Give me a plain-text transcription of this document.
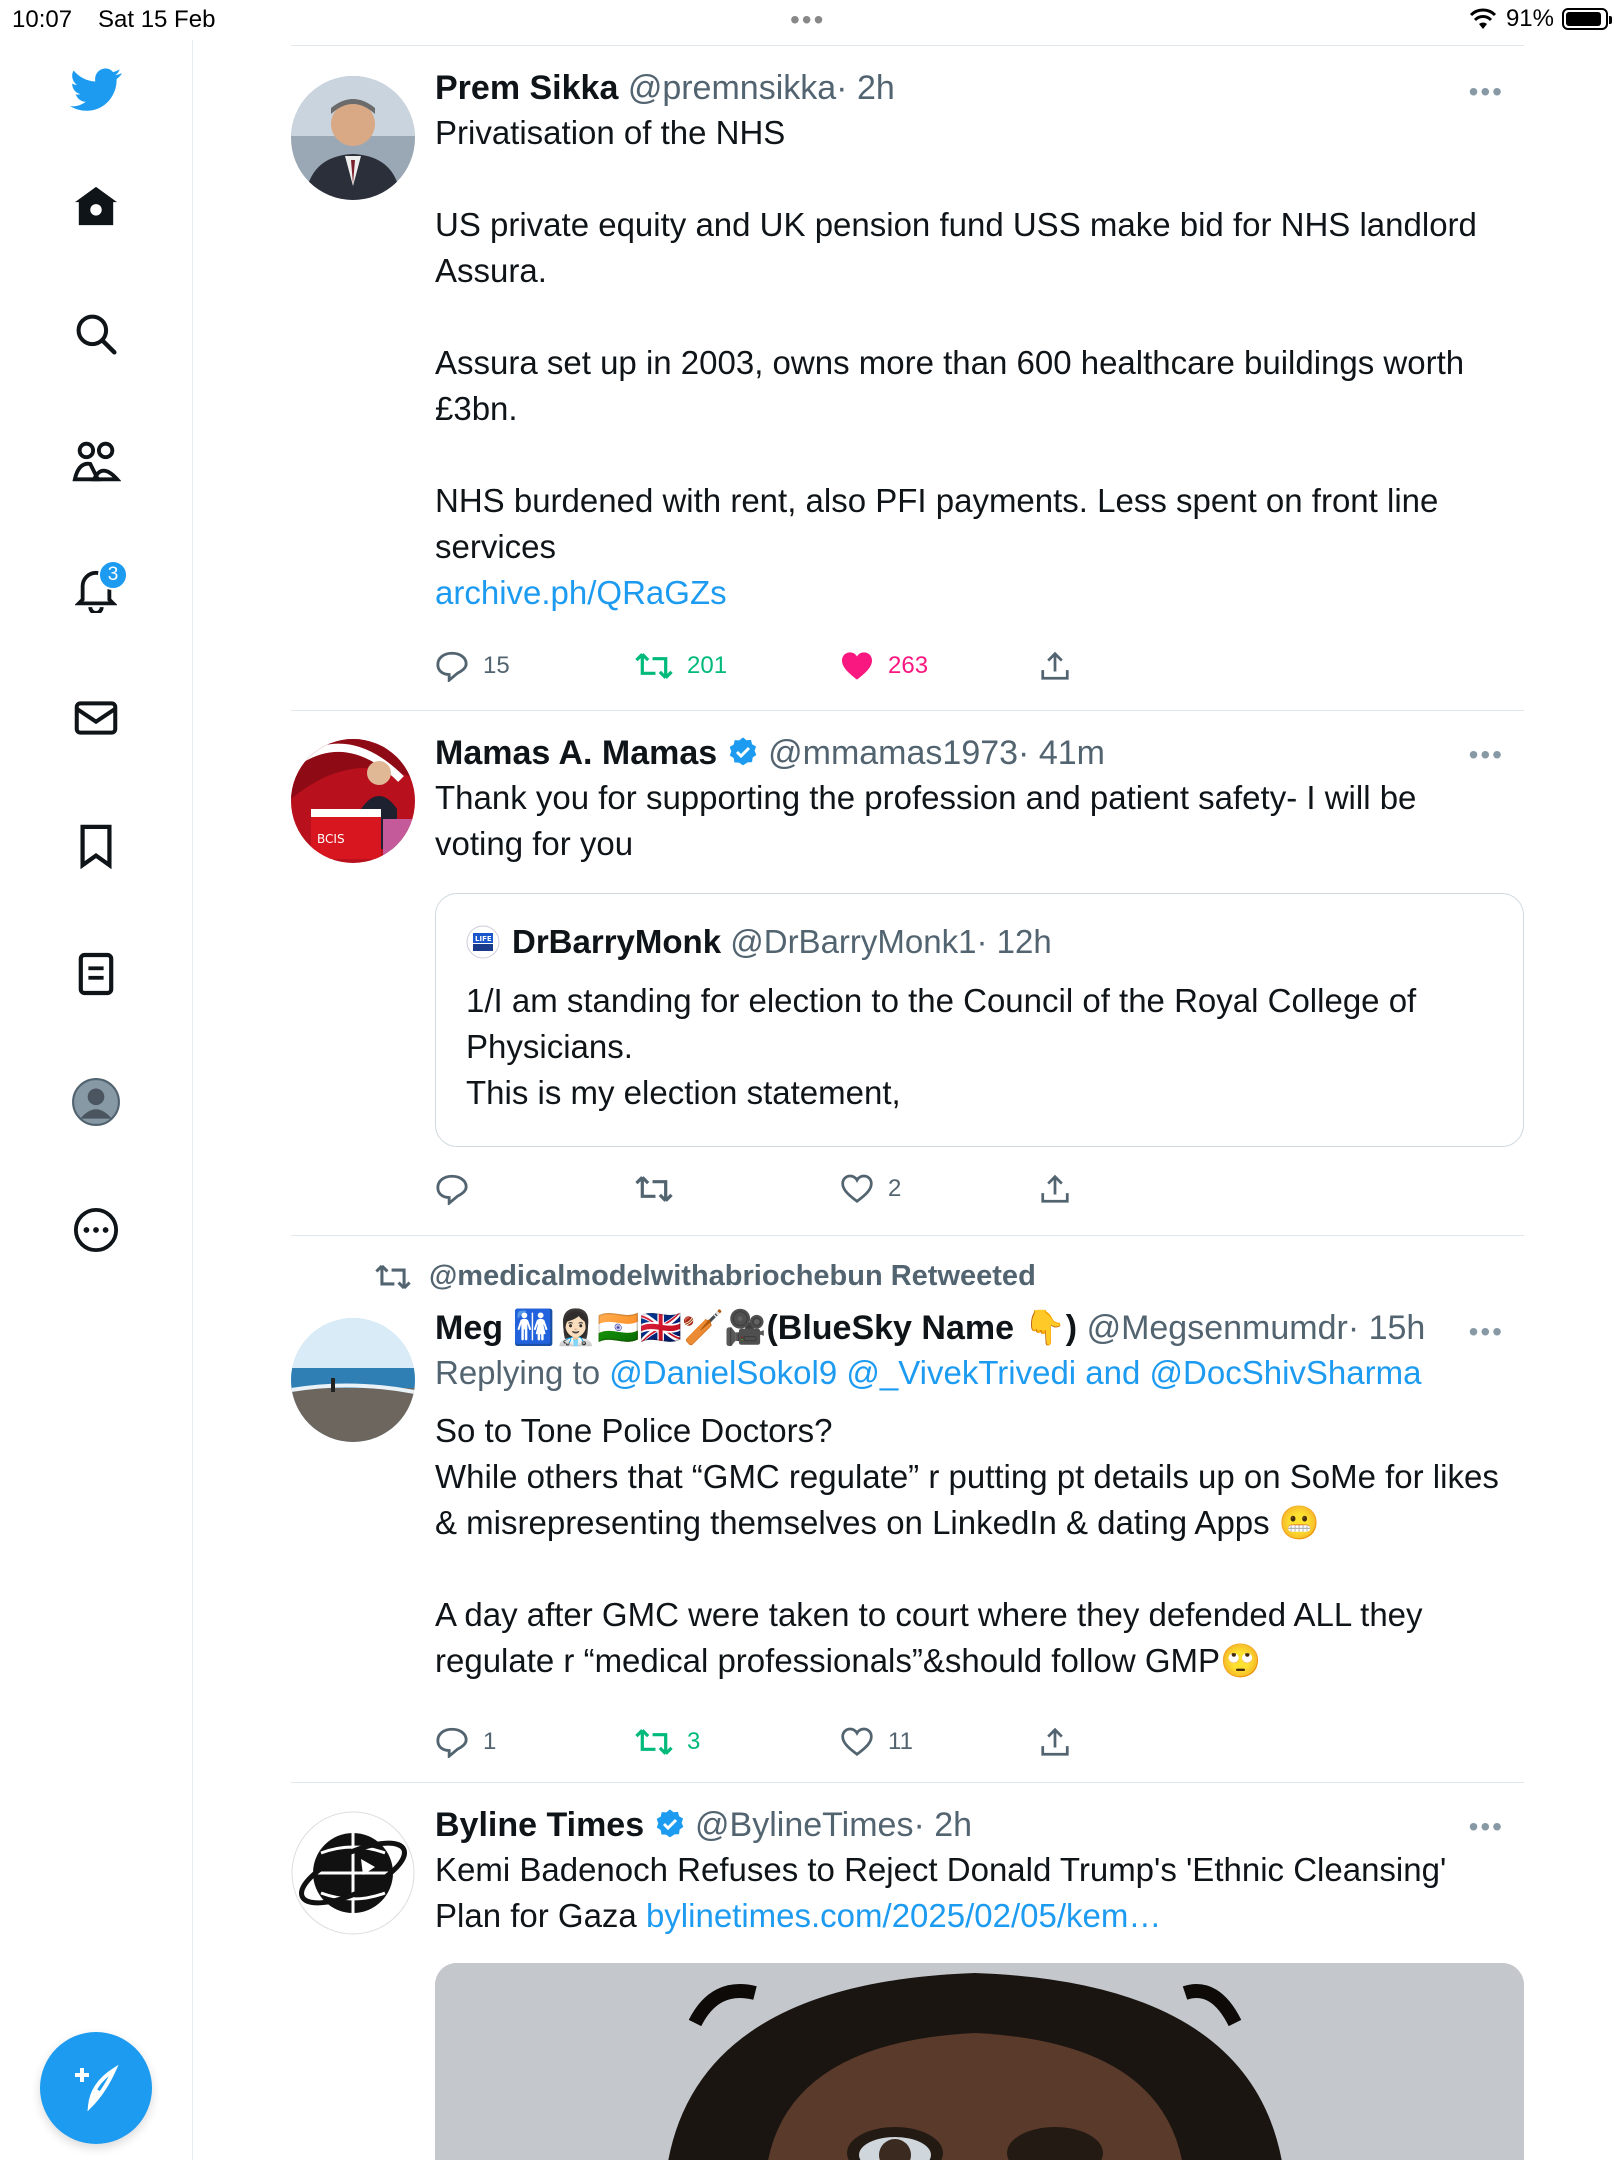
10:07 Sat 15 Feb	•••	91%
3
Prem Sikka @premnsikka· 2h
Privatisation of the NHS

US private equity and UK pension fund USS make bid for NHS landlord Assura.

Assura set up in 2003, owns more than 600 healthcare buildings worth £3bn.

NHS burdened with rent, also PFI payments. Less spent on front line services
archive.ph/QRaGZs
•••
15	201	263
BCIS
Mamas A. Mamas @mmamas1973· 41m
Thank you for supporting the profession and patient safety- I will be voting for you
•••
LIFE DrBarryMonk @DrBarryMonk1· 12h
1/I am standing for election to the Council of the Royal College of Physicians.
This is my election statement,
2
@medicalmodelwithabriochebun Retweeted
Meg 🚻👩🏻‍⚕️🇮🇳🇬🇧🏏🎥(BlueSky Name 👇) @Megsenmumdr· 15h
Replying to @DanielSokol9 @_VivekTrivedi and @DocShivSharma
So to Tone Police Doctors?
While others that “GMC regulate” r putting pt details up on SoMe for likes & misrepresenting themselves on LinkedIn & dating Apps 😬

A day after GMC were taken to court where they defended ALL they regulate r “medical professionals”&should follow GMP🙄
•••
1	3	11
Byline Times @BylineTimes· 2h
Kemi Badenoch Refuses to Reject Donald Trump's 'Ethnic Cleansing' Plan for Gaza bylinetimes.com/2025/02/05/kem…
•••
